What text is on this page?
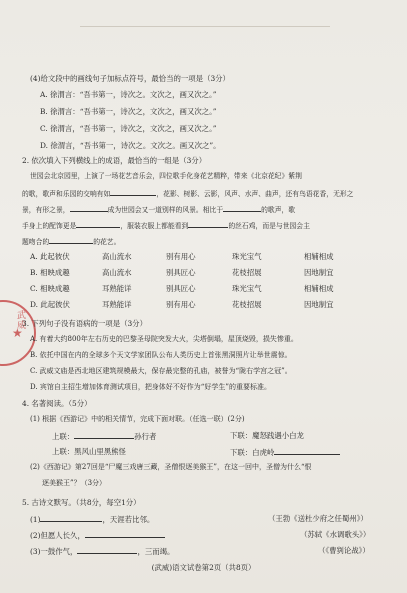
(4)给文段中的画线句子加标点符号，最恰当的一项是（3分）
A. 徐渭言：“吾书第一，诗次之。文次之，画又次之。”
B. 徐渭言：“吾书第一，诗次之，文次之，画又次之。”
C. 徐渭言，“吾书第一，诗次之，文次之，画又次之。”
D. 徐渭言，“吾书第一，诗次之。文次之。画又次之”。
2. 依次填入下列横线上的成语，最恰当的一组是（3分）
世园会北京园里，上演了一场花艺音乐会，四位歌手化身花艺精粹，带来《北京花纪》紫荆
的歌，歌声和乐园的交响有如	，花影、树影、云影，风声、水声、曲声，还有鸟语花香，无形之
景，有形之景，	成为世园会又一道别样的风景。相比于	的歌声，歌
手身上的配饰更是	，服装衣服上都能看到	的丝石鸡，而是与世园会主
题吻合的	的花艺。
A. 此起彼伏	高山流水	别有用心	珠光宝气	相辅相成
B. 相映成趣	高山流水	别具匠心	花枝招展	因地制宜
C. 相映成趣	耳熟能详	别具匠心	珠光宝气	相辅相成
D. 此起彼伏	耳熟能详	别有用心	花枝招展	因地制宜
★
武威
3. 下列句子没有语病的一项是（3分）
A. 有着大约800年左右历史的巴黎圣母院突发大火，尖塔倒塌，屋顶烧毁，损失惨重。
B. 依托中国在内的全球多个天文学家团队公布人类历史上首张黑洞照片让举世震惊。
C. 武威文庙是西北地区建筑规模最大，保存最完整的孔庙，被誉为“陇右学宫之冠”。
D. 宾馆自主招生增加体育测试项目，把身体好不好作为“好学生”的重要标准。
4. 名著阅读。（5分）
(1) 根据《西游记》中的相关情节，完成下面对联。（任选一联）(2分)
上联：	孙行者	下联：魔怒践遇小白龙
上联：黑风山里黑熊怪	下联：白虎岭
(2)《西游记》第27回是“尸魔三戏唐三藏，圣僧恨逐美猴王”，在这一回中，圣僧为什么“恨
逐美猴王”？（3分）
5. 古诗文默写。（共8分，每空1分）
(1)	，天涯若比邻。	（王勃《送杜少府之任蜀州》）
(2)但愿人长久，	（苏轼《水调歌头》）
(3)一鼓作气，	，三而竭。	（《曹刿论战》）
(武威)语文试卷第2页（共8页）
